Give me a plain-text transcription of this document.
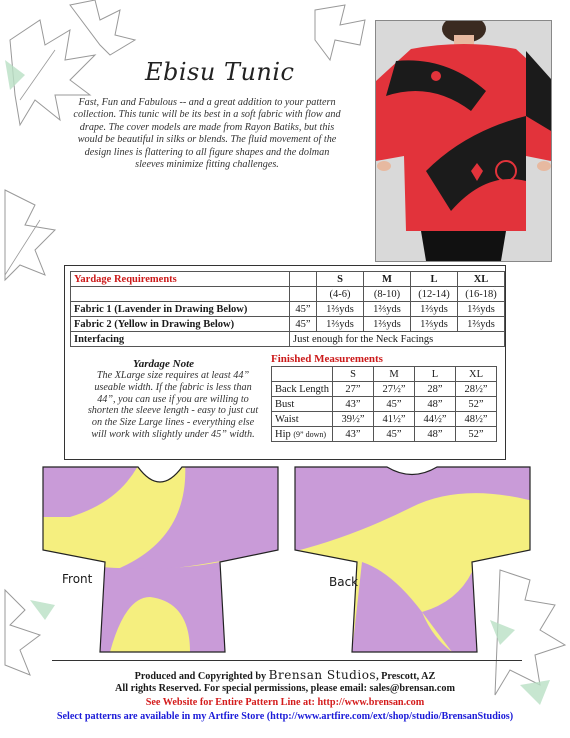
Ebisu Tunic
Fast, Fun and Fabulous -- and a great addition to your pattern collection. This tunic will be its best in a soft fabric with flow and drape. The cover models are made from Rayon Batiks, but this would be beautiful in silks or blends. The fluid movement of the design lines is flattering to all figure shapes and the dolman sleeves minimize fitting challenges.
Yardage Requirements		S	M	L	XL
		(4-6)	(8-10)	(12-14)	(16-18)
Fabric 1 (Lavender in Drawing Below)	45”	1⅔yds	1⅔yds	1⅔yds	1⅔yds
Fabric 2 (Yellow in Drawing Below)	45”	1⅔yds	1⅔yds	1⅔yds	1⅔yds
Interfacing	Just enough for the Neck Facings				
Yardage Note
The XLarge size requires at least 44” useable width. If the fabric is less than 44”, you can use if you are willing to shorten the sleeve length - easy to just cut on the Size Large lines - everything else will work with slightly under 45” width.
Finished Measurements
	S	M	L	XL
Back Length	27”	27½”	28”	28½”
Bust	43”	45”	48”	52”
Waist	39½”	41½”	44½”	48½”
Hip (9” down)	43”	45”	48”	52”
Front	Back
Produced and Copyrighted by Brensan Studios, Prescott, AZ
All rights Reserved. For special permissions, please email: sales@brensan.com
See Website for Entire Pattern Line at: http://www.brensan.com
Select patterns are available in my Artfire Store (http://www.artfire.com/ext/shop/studio/BrensanStudios)
